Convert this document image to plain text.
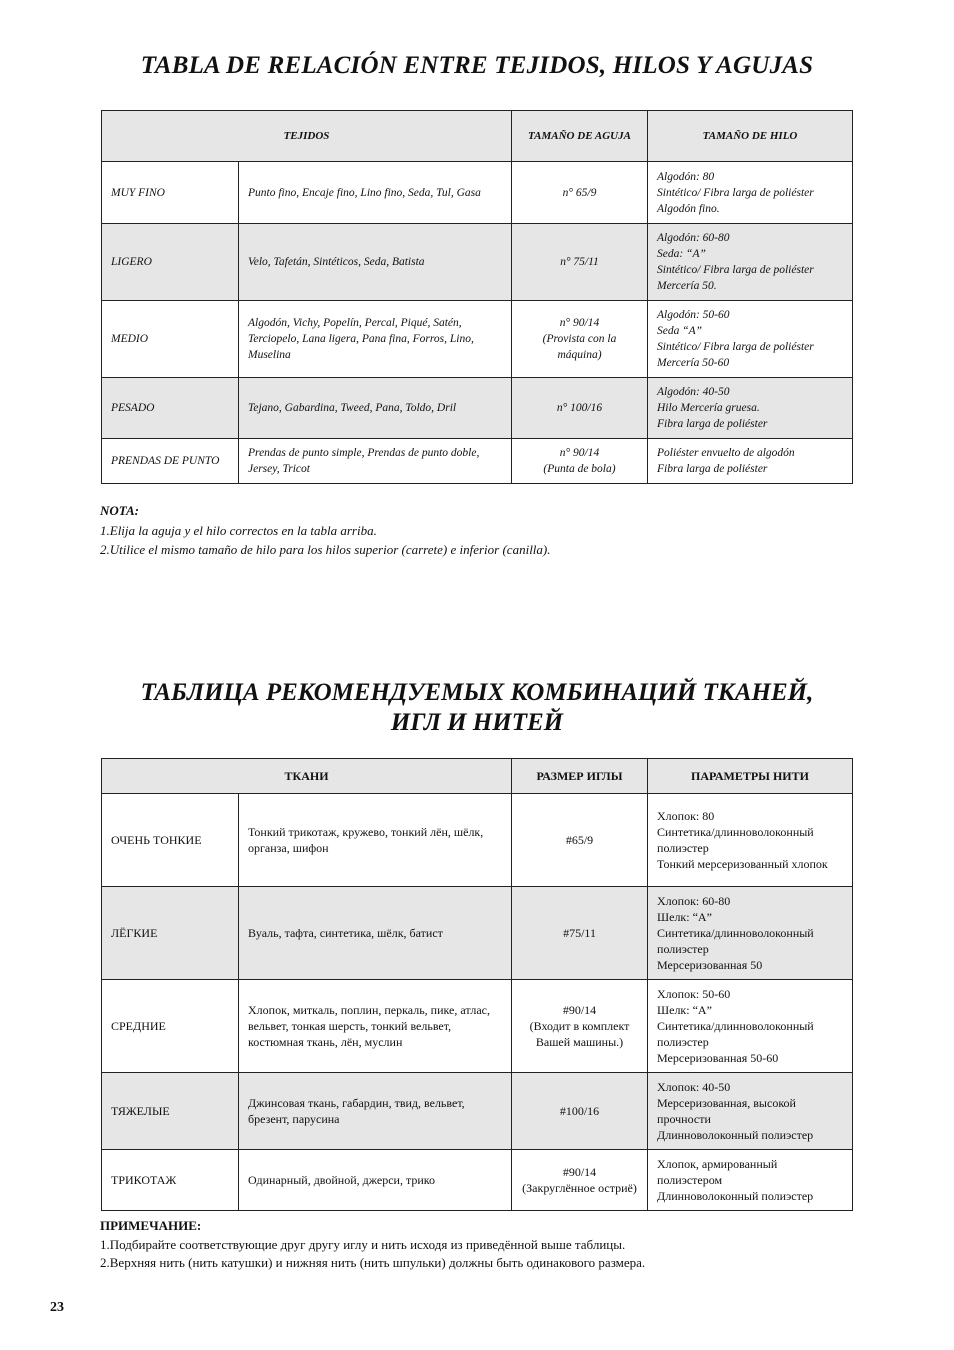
TABLA DE RELACIÓN ENTRE TEJIDOS, HILOS Y AGUJAS
TEJIDOS		TAMAÑO DE AGUJA	TAMAÑO DE HILO
MUY FINO	Punto fino, Encaje fino, Lino fino, Seda, Tul, Gasa	n° 65/9	Algodón: 80
Sintético/ Fibra larga de poliéster
Algodón fino.

LIGERO	Velo, Tafetán, Sintéticos, Seda, Batista	n° 75/11	Algodón: 60-80
Seda: “A”
Sintético/ Fibra larga de poliéster
Mercería 50.

MEDIO	Algodón, Vichy, Popelín, Percal, Piqué, Satén, Terciopelo, Lana ligera, Pana fina, Forros, Lino, Muselina	n° 90/14
(Provista con la máquina)	Algodón: 50-60
Seda “A”
Sintético/ Fibra larga de poliéster
Mercería 50-60

PESADO	Tejano, Gabardina, Tweed, Pana, Toldo, Dril	n° 100/16	Algodón: 40-50
Hilo Mercería gruesa.
Fibra larga de poliéster

PRENDAS DE PUNTO	Prendas de punto simple, Prendas de punto doble, Jersey, Tricot	n° 90/14
(Punta de bola)	Poliéster envuelto de algodón
Fibra larga de poliéster
NOTA:
1.Elija la aguja y el hilo correctos en la tabla arriba.
2.Utilice el mismo tamaño de hilo para los hilos superior (carrete) e inferior (canilla).
ТАБЛИЦА РЕКОМЕНДУЕМЫХ КОМБИНАЦИЙ ТКАНЕЙ,
ИГЛ И НИТЕЙ
ТКАНИ		РАЗМЕР ИГЛЫ	ПАРАМЕТРЫ НИТИ
ОЧЕНЬ ТОНКИЕ	Тонкий трикотаж, кружево, тонкий лён, шёлк, органза, шифон	#65/9	Хлопок: 80
Синтетика/длинноволоконный полиэстер
Тонкий мерсеризованный хлопок

ЛЁГКИЕ	Вуаль, тафта, синтетика, шёлк, батист	#75/11	Хлопок: 60-80
Шелк: “A”
Синтетика/длинноволоконный полиэстер
Мерсеризованная 50

СРЕДНИЕ	Хлопок, миткаль, поплин, перкаль, пике, атлас, вельвет, тонкая шерсть, тонкий вельвет, костюмная ткань, лён, муслин	#90/14
(Входит в комплект Вашей машины.)	Хлопок: 50-60
Шелк: “A”
Синтетика/длинноволоконный полиэстер
Мерсеризованная 50-60

ТЯЖЕЛЫЕ	Джинсовая ткань, габардин, твид, вельвет, брезент, парусина	#100/16	Хлопок: 40-50
Мерсеризованная, высокой прочности
Длинноволоконный полиэстер

ТРИКОТАЖ	Одинарный, двойной, джерси, трико	#90/14
(Закруглённое остриё)	Хлопок, армированный полиэстером
Длинноволоконный полиэстер
ПРИМЕЧАНИЕ:
1.Подбирайте соответствующие друг другу иглу и нить исходя из приведённой выше таблицы.
2.Верхняя нить (нить катушки) и нижняя нить (нить шпульки) должны быть одинакового размера.
23
